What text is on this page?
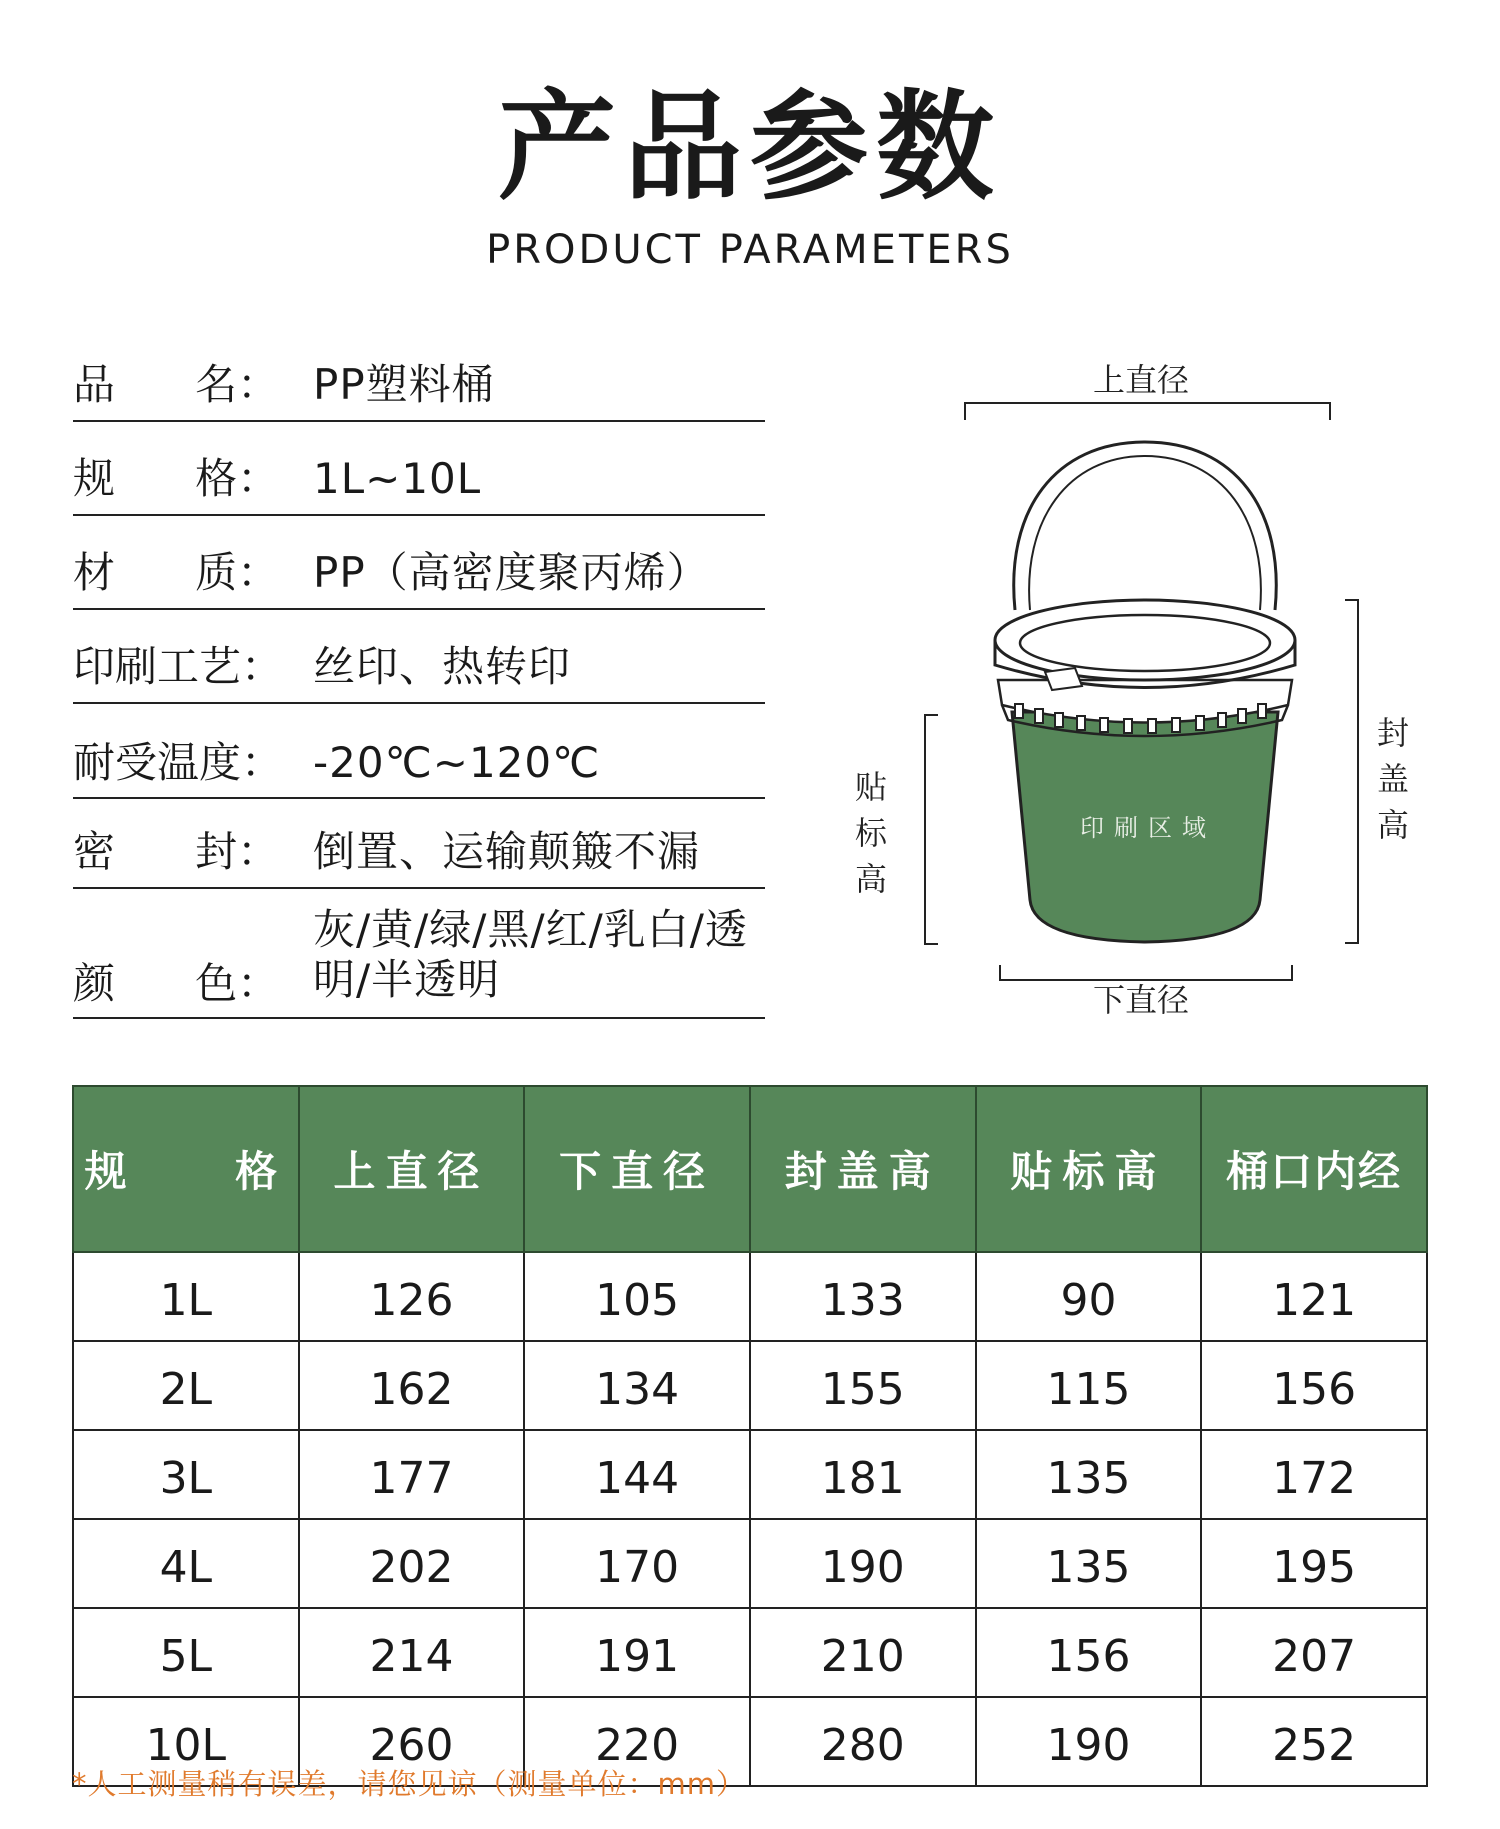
产品参数
PRODUCT PARAMETERS
品      名： PP塑料桶
规      格： 1L~10L
材      质： PP（高密度聚丙烯）
印刷工艺： 丝印、热转印
耐受温度： -20℃~120℃
密      封： 倒置、运输颠簸不漏
颜      色：
灰/黄/绿/黑/红/乳白/透明/半透明
上直径
下直径
贴标高
封盖高
印刷区域
规    格	上直径	下直径	封盖高	贴标高	桶口内经
1L	126	105	133	90	121
2L	162	134	155	115	156
3L	177	144	181	135	172
4L	202	170	190	135	195
5L	214	191	210	156	207
10L	260	220	280	190	252
*人工测量稍有误差，请您见谅（测量单位：mm）
